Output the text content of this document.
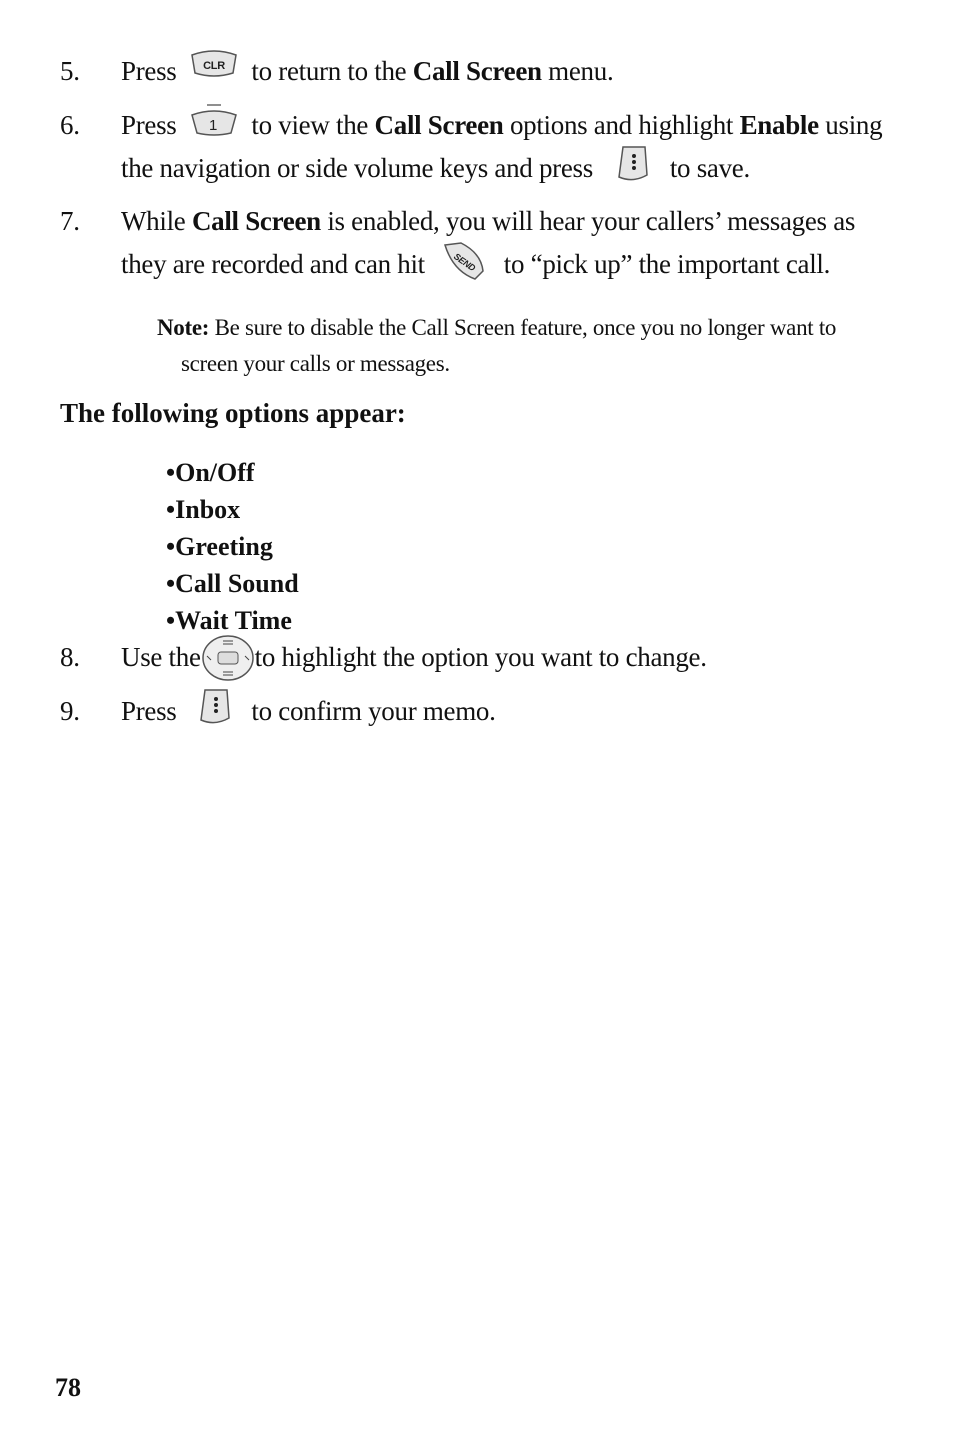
5.	Press CLR to return to the Call Screen menu.
6.	Press 1 to view the Call Screen options and highlight Enable using
the navigation or side volume keys and press	to save.
7.	While Call Screen is enabled, you will hear your callers’ messages as
they are recorded and can hit	SEND to “pick up” the important call.
Note: Be sure to disable the Call Screen feature, once you no longer want to
screen your calls or messages.
The following options appear:
• On/Off
• Inbox
• Greeting
• Call Sound
• Wait Time
8.	Use the to highlight the option you want to change.
9.	Press	to confirm your memo.
78
